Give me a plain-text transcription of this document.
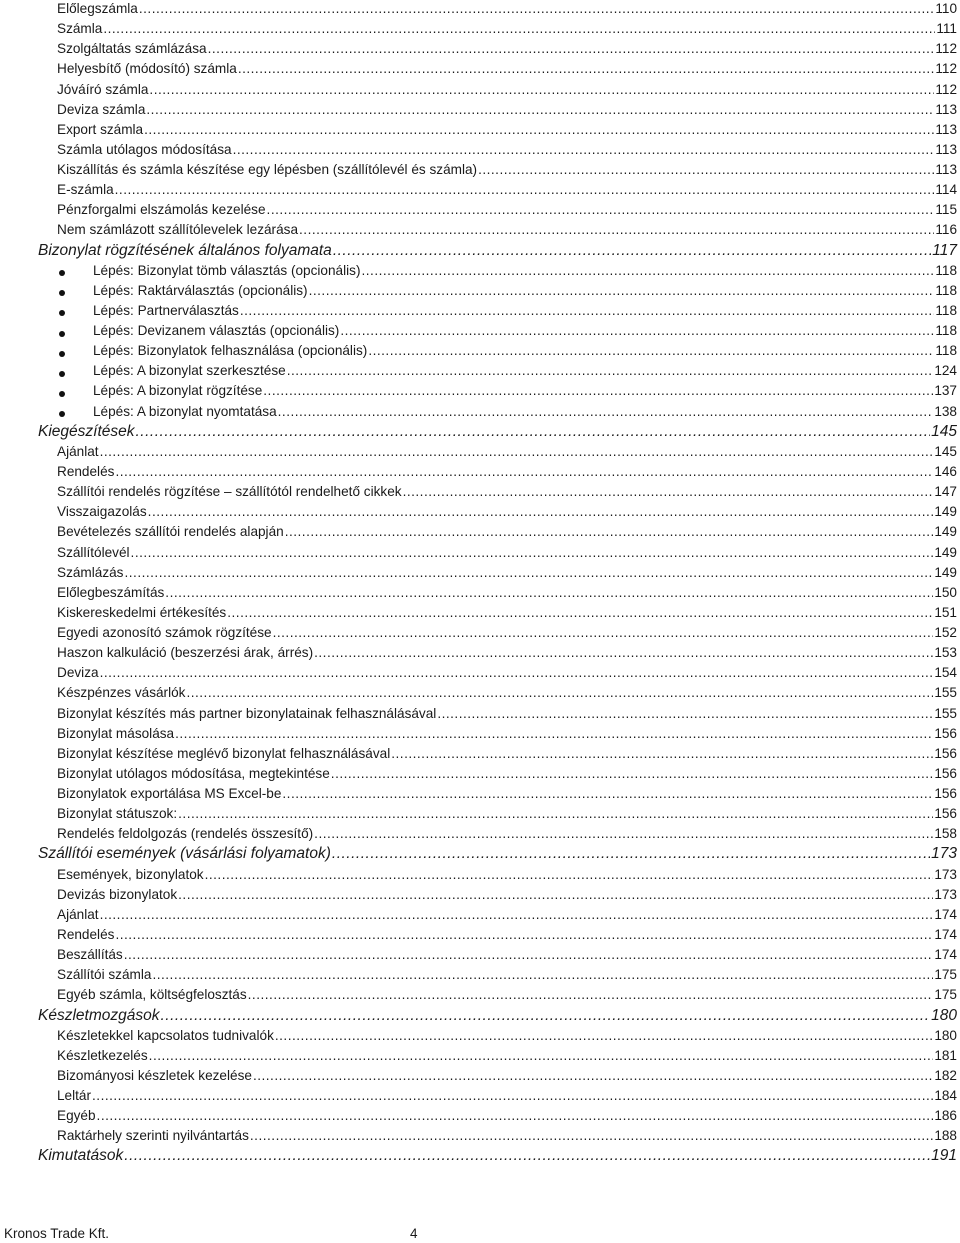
Előlegszámla .....	110
Számla .....	111
Szolgáltatás számlázása .....	112
Helyesbítő (módosító) számla .....	112
Jóváíró számla .....	112
Deviza számla .....	113
Export számla .....	113
Számla utólagos módosítása .....	113
Kiszállítás és számla készítése egy lépésben (szállítólevél és számla) .....	113
E-számla .....	114
Pénzforgalmi elszámolás kezelése .....	115
Nem számlázott szállítólevelek lezárása .....	116
Bizonylat rögzítésének általános folyamata .....	117
Lépés: Bizonylat tömb választás (opcionális) .....	118
Lépés: Raktárválasztás (opcionális) .....	118
Lépés: Partnerválasztás .....	118
Lépés: Devizanem választás (opcionális) .....	118
Lépés: Bizonylatok felhasználása (opcionális) .....	118
Lépés: A bizonylat szerkesztése .....	124
Lépés: A bizonylat rögzítése .....	137
Lépés: A bizonylat nyomtatása .....	138
Kiegészítések .....	145
Ajánlat .....	145
Rendelés .....	146
Szállítói rendelés rögzítése – szállítótól rendelhető cikkek .....	147
Visszaigazolás .....	149
Bevételezés szállítói rendelés alapján .....	149
Szállítólevél .....	149
Számlázás .....	149
Előlegbeszámítás .....	150
Kiskereskedelmi értékesítés .....	151
Egyedi azonosító számok rögzítése .....	152
Haszon kalkuláció (beszerzési árak, árrés) .....	153
Deviza .....	154
Készpénzes vásárlók .....	155
Bizonylat készítés más partner bizonylatainak felhasználásával .....	155
Bizonylat másolása .....	156
Bizonylat készítése meglévő bizonylat felhasználásával .....	156
Bizonylat utólagos módosítása, megtekintése .....	156
Bizonylatok exportálása MS Excel-be .....	156
Bizonylat státuszok: .....	156
Rendelés feldolgozás (rendelés összesítő) .....	158
Szállítói események (vásárlási folyamatok) .....	173
Események, bizonylatok .....	173
Devizás bizonylatok .....	173
Ajánlat .....	174
Rendelés .....	174
Beszállítás .....	174
Szállítói számla .....	175
Egyéb számla, költségfelosztás .....	175
Készletmozgások .....	180
Készletekkel kapcsolatos tudnivalók .....	180
Készletkezelés .....	181
Bizományosi készletek kezelése .....	182
Leltár .....	184
Egyéb .....	186
Raktárhely szerinti nyilvántartás .....	188
Kimutatások .....	191
Kronos Trade Kft.	4
